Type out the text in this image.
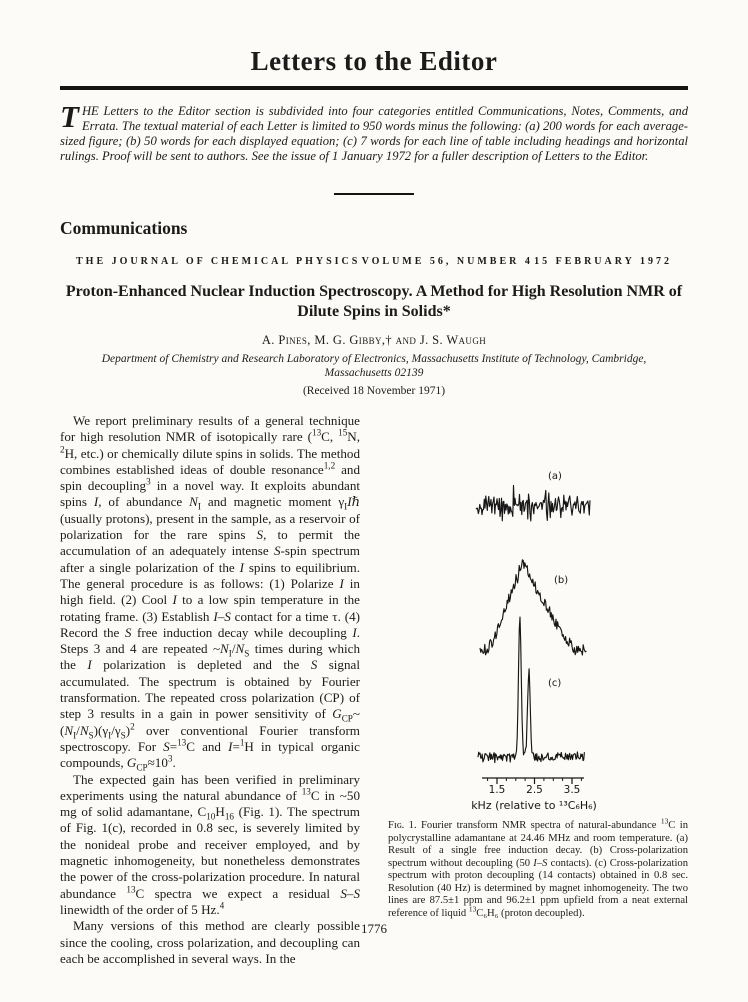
Letters to the Editor

THE Letters to the Editor section is subdivided into four categories entitled Communications, Notes, Comments, and Errata. The textual material of each Letter is limited to 950 words minus the following: (a) 200 words for each average-sized figure; (b) 50 words for each displayed equation; (c) 7 words for each line of table including headings and horizontal rulings. Proof will be sent to authors. See the issue of 1 January 1972 for a fuller description of Letters to the Editor.

Communications
THE JOURNAL OF CHEMICAL PHYSICS VOLUME 56, NUMBER 4 15 FEBRUARY 1972
Proton-Enhanced Nuclear Induction Spectroscopy. A Method for High Resolution NMR of Dilute Spins in Solids*
A. Pines, M. G. Gibby,† and J. S. Waugh
Department of Chemistry and Research Laboratory of Electronics, Massachusetts Institute of Technology, Cambridge, Massachusetts 02139
(Received 18 November 1971)

We report preliminary results of a general technique for high resolution NMR of isotopically rare ($^{13}$C, $^{15}$N, $^2$H, etc.) or chemically dilute spins in solids. The method combines established ideas of double resonance$^{1,2}$ and spin decoupling$^3$ in a novel way. It exploits abundant spins I, of abundance $N_I$ and magnetic moment $\gamma_II\hbar$ (usually protons), present in the sample, as a reservoir of polarization for the rare spins S, to permit the accumulation of an adequately intense S-spin spectrum after a single polarization of the I spins to equilibrium. The general procedure is as follows: (1) Polarize I in high field. (2) Cool I to a low spin temperature in the rotating frame. (3) Establish I–S contact for a time τ. (4) Record the S free induction decay while decoupling I. Steps 3 and 4 are repeated $\sim N_I/N_S$ times during which the I polarization is depleted and the S signal accumulated. The spectrum is obtained by Fourier transformation. The repeated cross polarization (CP) of step 3 results in a gain in power sensitivity of $G_{CP}\sim(N_I/N_S)(\gamma_I/\gamma_S)^2$ over conventional Fourier transform spectroscopy. For S=$^{13}$C and I=$^1$H in typical organic compounds, $G_{CP}\approx 10^3$.

The expected gain has been verified in preliminary experiments using the natural abundance of $^{13}$C in ~50 mg of solid adamantane, $C_{10}H_{16}$ (Fig. 1). The spectrum of Fig. 1(c), recorded in 0.8 sec, is severely limited by the nonideal probe and receiver employed, and by magnetic inhomogeneity, but nonetheless demonstrates the power of the cross-polarization procedure. In natural abundance $^{13}$C spectra we expect a residual S–S linewidth of the order of 5 Hz.$^4$

Many versions of this method are clearly possible since the cooling, cross polarization, and decoupling can each be accomplished in several ways. In the

(a)
(b)
(c)
1.5 2.5 3.5
kHz (relative to ¹³C₆H₆)
Fɪɢ. 1. Fourier transform NMR spectra of natural-abundance $^{13}$C in polycrystalline adamantane at 24.46 MHz and room temperature. (a) Result of a single free induction decay. (b) Cross-polarization spectrum without decoupling (50 I–S contacts). (c) Cross-polarization spectrum with proton decoupling (14 contacts) obtained in 0.8 sec. Resolution (40 Hz) is determined by magnet inhomogeneity. The two lines are 87.5±1 ppm and 96.2±1 ppm upfield from a neat external reference of liquid $^{13}$C₆H₆ (proton decoupled).
1776
